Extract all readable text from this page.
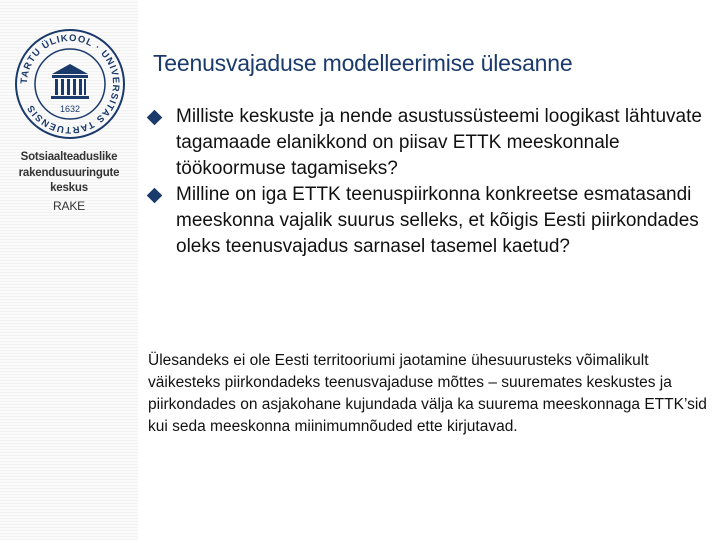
TARTU ÜLIKOOL · UNIVERSITAS TARTUENSIS	1632
Sotsiaalteaduslike
rakendusuuringute
keskus
RAKE
Teenusvajaduse modelleerimise ülesanne
Milliste keskuste ja nende asustussüsteemi loogikast lähtuvate tagamaade elanikkond on piisav ETTK meeskonnale töökoormuse tagamiseks?
Milline on iga ETTK teenuspiirkonna konkreetse esmatasandi meeskonna vajalik suurus selleks, et kõigis Eesti piirkondades oleks teenusvajadus sarnasel tasemel kaetud?
Ülesandeks ei ole Eesti territooriumi jaotamine ühesuurusteks võimalikult väikesteks piirkondadeks teenusvajaduse mõttes – suuremates keskustes ja piirkondades on asjakohane kujundada välja ka suurema meeskonnaga ETTK’sid kui seda meeskonna miinimumnõuded ette kirjutavad.
